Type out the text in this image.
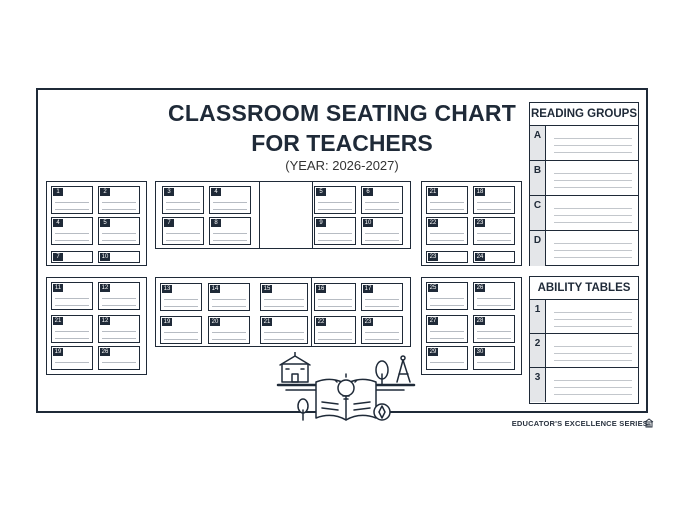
CLASSROOM SEATING CHART
FOR TEACHERS
(YEAR: 2026-2027)
1	2
4	5
7	10
3	4
7	8
5	6
9	10
21	18
22	23
23	24
11	12
21	12
19	26
13	14	15
19	20	21
16	17
22	23
25	26
27	28
29	30
READING GROUPS
A
B
C
D
ABILITY TABLES
1
2
3
EDUCATOR'S EXCELLENCE SERIES
